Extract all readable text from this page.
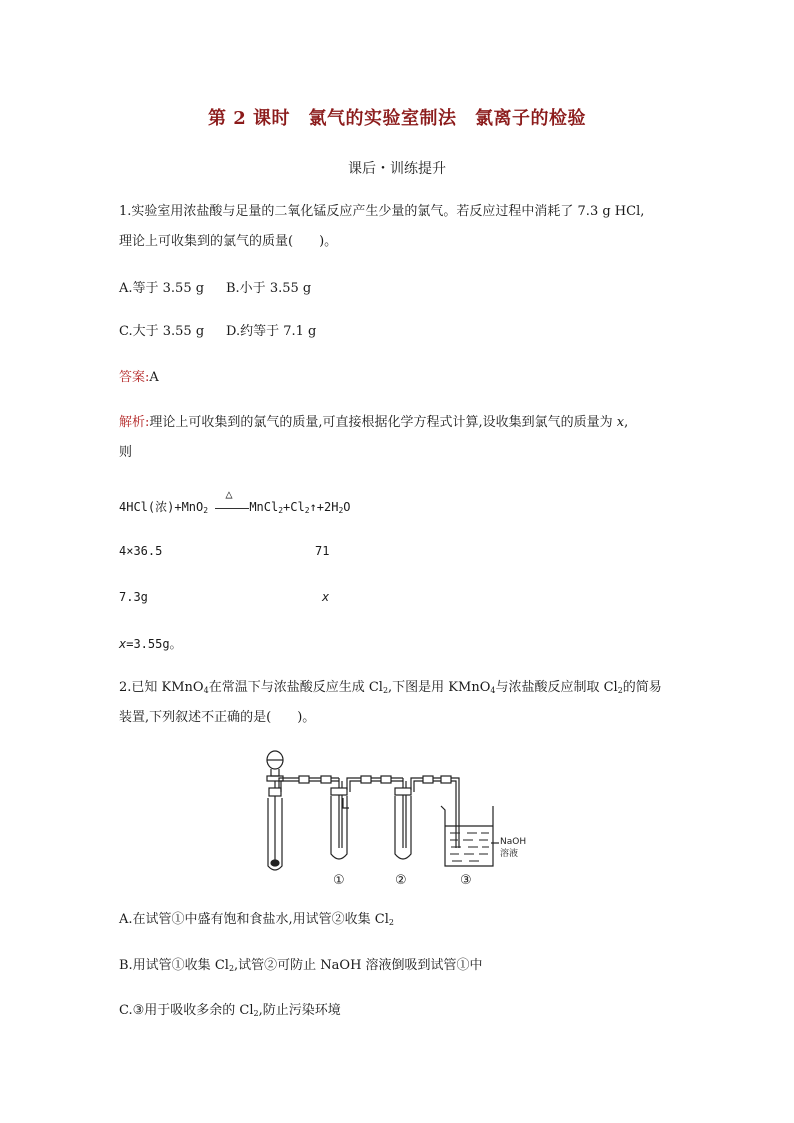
第 2 课时　氯气的实验室制法　氯离子的检验
课后・训练提升
1.实验室用浓盐酸与足量的二氧化锰反应产生少量的氯气。若反应过程中消耗了 7.3 g HCl,
理论上可收集到的氯气的质量(　　)。
A.等于 3.55 g B.小于 3.55 g
C.大于 3.55 g D.约等于 7.1 g
答案:A
解析:理论上可收集到的氯气的质量,可直接根据化学方程式计算,设收集到氯气的质量为 x,
则
4HCl(浓)+MnO$_2$
△
$MnCl_2+Cl_2↑+2H_2O$
4×36.5	71
7.3g	x
x=3.55g。
2.已知 KMnO$_4$在常温下与浓盐酸反应生成 $Cl_2$,下图是用 KMnO$_4$与浓盐酸反应制取 $Cl_2$的简易
装置,下列叙述不正确的是(　　)。
NaOH
溶液
①	②	③
A.在试管①中盛有饱和食盐水,用试管②收集 $Cl_2$
B.用试管①收集 $Cl_2$,试管②可防止 NaOH 溶液倒吸到试管①中
C.③用于吸收多余的 $Cl_2$,防止污染环境
